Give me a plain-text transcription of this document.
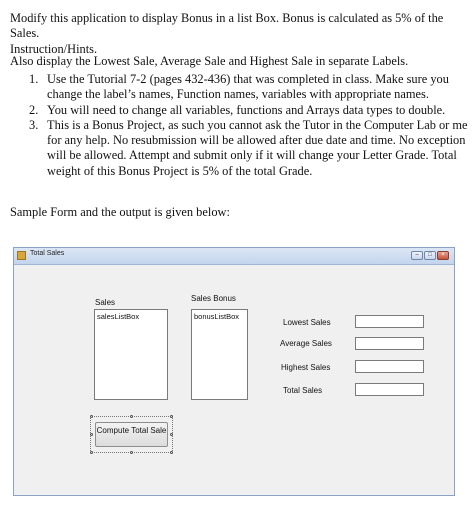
Modify this application to display Bonus in a list Box. Bonus is calculated as 5% of the Sales.

Also display the Lowest Sale, Average Sale and Highest Sale in separate Labels.

Instruction/Hints.
1. Use the Tutorial 7-2 (pages 432-436) that was completed in class. Make sure you change the label’s names, Function names, variables with appropriate names.
2. You will need to change all variables, functions and Arrays data types to double.
3. This is a Bonus Project, as such you cannot ask the Tutor in the Computer Lab or me for any help. No resubmission will be allowed after due date and time. No exception will be allowed. Attempt and submit only if it will change your Letter Grade. Total weight of this Bonus Project is 5% of the total Grade.
Sample Form and the output is given below:
Total Sales	–	□	×
Sales
salesListBox
Sales Bonus
bonusListBox
Lowest Sales
Average Sales
Highest Sales
Total Sales
Compute Total Sale
